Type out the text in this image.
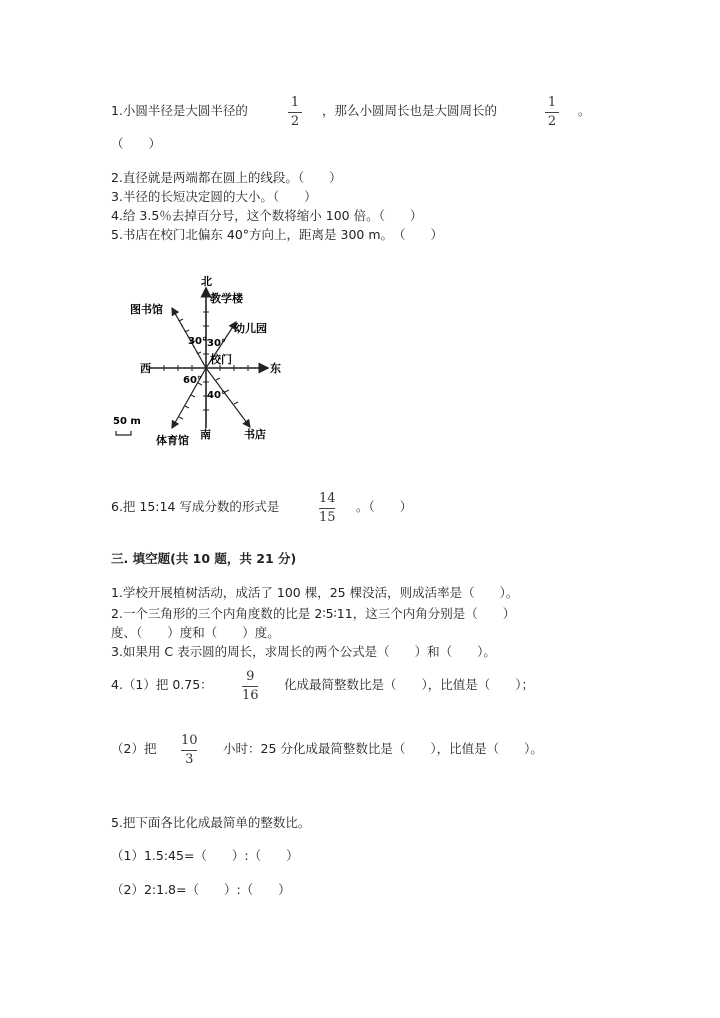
1.小圆半径是大圆半径的
1
2
，那么小圆周长也是大圆周长的
1
2
。
（　　）
2.直径就是两端都在圆上的线段。（　　）
3.半径的长短决定圆的大小。（　　）
4.给 3.5％去掉百分号，这个数将缩小 100 倍。（　　）
5.书店在校门北偏东 40°方向上，距离是 300 m。　（　　）
北
教学楼
图书馆
幼儿园
30° 30°
校门
西	东
60°
40°
50 m
南	书店
体育馆
6.把 15:14 写成分数的形式是
14
15
。（　　）
三. 填空题(共 10 题，共 21 分)
1.学校开展植树活动，成活了 100 棵，25 棵没活，则成活率是（　　）。
2.一个三角形的三个内角度数的比是 2∶5∶11，这三个内角分别是（　　）
度、（　　）度和（　　）度。
3.如果用 C 表示圆的周长，求周长的两个公式是（　　）和（　　）。
4.（1）把 0.75：
9
16
化成最简整数比是（　　），比值是（　　）；
（2）把
10
3
小时：25 分化成最简整数比是（　　），比值是（　　）。
5.把下面各比化成最简单的整数比。
（1）1.5:45=（　　）:（　　）
（2）2:1.8=（　　）:（　　）
